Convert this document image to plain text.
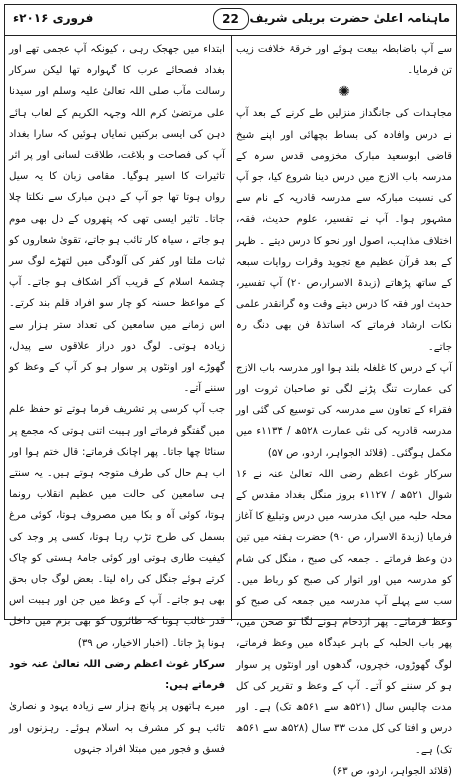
ماہنامہ اعلیٰ حضرت بریلی شریف
22
فروری ۲۰۱۶ء

سے آپ باضابطہ بیعت ہوئے اور خرقۂ خلافت زیب تن فرمایا۔

✺

مجاہدات کی جانگداز منزلیں طے کرنے کے بعد آپ نے درس وافادہ کی بساط بچھائی اور اپنے شیخ قاضی ابوسعید مبارک مخزومی قدس سرہ کے مدرسہ باب الازج میں درس دینا شروع کیا، جو آپ کی نسبت مبارکہ سے مدرسہ قادریہ کے نام سے مشہور ہوا۔ آپ نے تفسیر، علوم حدیث، فقہ، اختلاف مذاہب، اصول اور نحو کا درس دیتے ۔ ظہر کے بعد قرآن عظیم مع تجوید وقرات روایات سبعہ کے ساتھ پڑھاتے (زبدۃ الاسرار،ص ۲۰) آپ تفسیر، حدیث اور فقہ کا درس دیتے وقت وہ گرانقدر علمی نکات ارشاد فرماتے کہ اساتذۂ فن بھی دنگ رہ جاتے۔

آپ کے درس کا غلغلہ بلند ہوا اور مدرسہ باب الازج کی عمارت تنگ پڑنے لگی تو صاحبان ثروت اور فقراء کے تعاون سے مدرسہ کی توسیع کی گئی اور مدرسہ قادریہ کی نئی عمارت ۵۲۸ھ / ۱۱۳۴ء میں مکمل ہوگئی۔ (قلائد الجواہر، اردو، ص ۵۷)

سرکار غوث اعظم رضی اللہ تعالیٰ عنہ نے ۱۶ شوال ۵۲۱ھ / ۱۱۲۷ء بروز منگل بغداد مقدس کے محلہ حلبہ میں ایک مدرسہ میں درس وتبلیغ کا آغاز فرمایا (زبدۃ الاسرار، ص ۹۰) حضرت ہفتہ میں تین دن وعظ فرماتے ۔ جمعہ کی صبح ، منگل کی شام کو مدرسہ میں اور اتوار کی صبح کو رباط میں۔ سب سے پہلے آپ مدرسہ میں جمعہ کی صبح کو وعظ فرماتے۔ پھر ازدحام ہونے لگا تو صحن میں، پھر باب الحلبہ کے باہر عیدگاہ میں وعظ فرماتے، لوگ گھوڑوں، خچروں، گدھوں اور اونٹوں پر سوار ہو کر سننے کو آتے۔ آپ کے وعظ و تقریر کی کل مدت چالیس سال (۵۲۱ھ سے ۵۶۱ھ تک) ہے۔ اور درس و افتا کی کل مدت ۳۳ سال (۵۲۸ھ سے ۵۶۱ھ تک) ہے۔

(قلائد الجواہر، اردو، ص ۶۳)

ابتداء میں جھجک رہی ، کیونکہ آپ عجمی تھے اور بغداد فصحائے عرب کا گہوارہ تھا لیکن سرکار رسالت مآب صلی اللہ تعالیٰ علیہ وسلم اور سیدنا علی مرتضیٰ کرم اللہ وجہہ الکریم کے لعاب ہائے دہن کی ایسی برکتیں نمایاں ہوئیں کہ سارا بغداد آپ کی فصاحت و بلاغت، طلاقت لسانی اور پر اثر تاثیرات کا اسیر ہوگیا۔ مقامی زبان کا یہ سیل رواں ہوتا تھا جو آپ کے دہن مبارک سے نکلتا چلا جاتا۔ تاثیر ایسی تھی کہ پتھروں کے دل بھی موم ہو جاتے ، سیاہ کار تائب ہو جاتے، تقویٰ شعاروں کو ثبات ملتا اور کفر کی آلودگی میں لتھڑے لوگ سر چشمۂ اسلام کے قریب آکر اشکاف ہو جاتے۔ آپ کے مواعظ حسنہ کو چار سو افراد قلم بند کرتے۔ اس زمانے میں سامعین کی تعداد ستر ہزار سے زیادہ ہوتی۔ لوگ دور دراز علاقوں سے پیدل، گھوڑے اور اونٹوں پر سوار ہو کر آپ کے وعظ کو سننے آتے۔

جب آپ کرسی پر تشریف فرما ہوتے تو حفظ علم میں گفتگو فرماتے اور ہیبت اتنی ہوتی کہ مجمع پر سناٹا چھا جاتا۔ پھر اچانک فرماتے: قال ختم ہوا اور اب ہم حال کی طرف متوجہ ہوتے ہیں۔ یہ سنتے ہی سامعین کی حالت میں عظیم انقلاب رونما ہوتا، کوئی آہ و بکا میں مصروف ہوتا، کوئی مرغ بسمل کی طرح تڑپ رہا ہوتا، کسی پر وجد کی کیفیت طاری ہوتی اور کوئی جامۂ ہستی کو چاک کرتے ہوئے جنگل کی راہ لیتا۔ بعض لوگ جاں بحق بھی ہو جاتے۔ آپ کے وعظ میں جن اور ہیبت اس قدر غالب ہوتا کہ طائروں کو بھی بزم میں داخل ہونا پڑ جاتا۔ (اخبار الاخیار، ص ۳۹)

سرکار غوث اعظم رضی اللہ تعالیٰ عنہ خود فرماتے ہیں:

میرے ہاتھوں پر پانچ ہزار سے زیادہ یہود و نصاریٰ تائب ہو کر مشرف بہ اسلام ہوئے۔ رہزنوں اور فسق و فجور میں مبتلا افراد جنہوں
